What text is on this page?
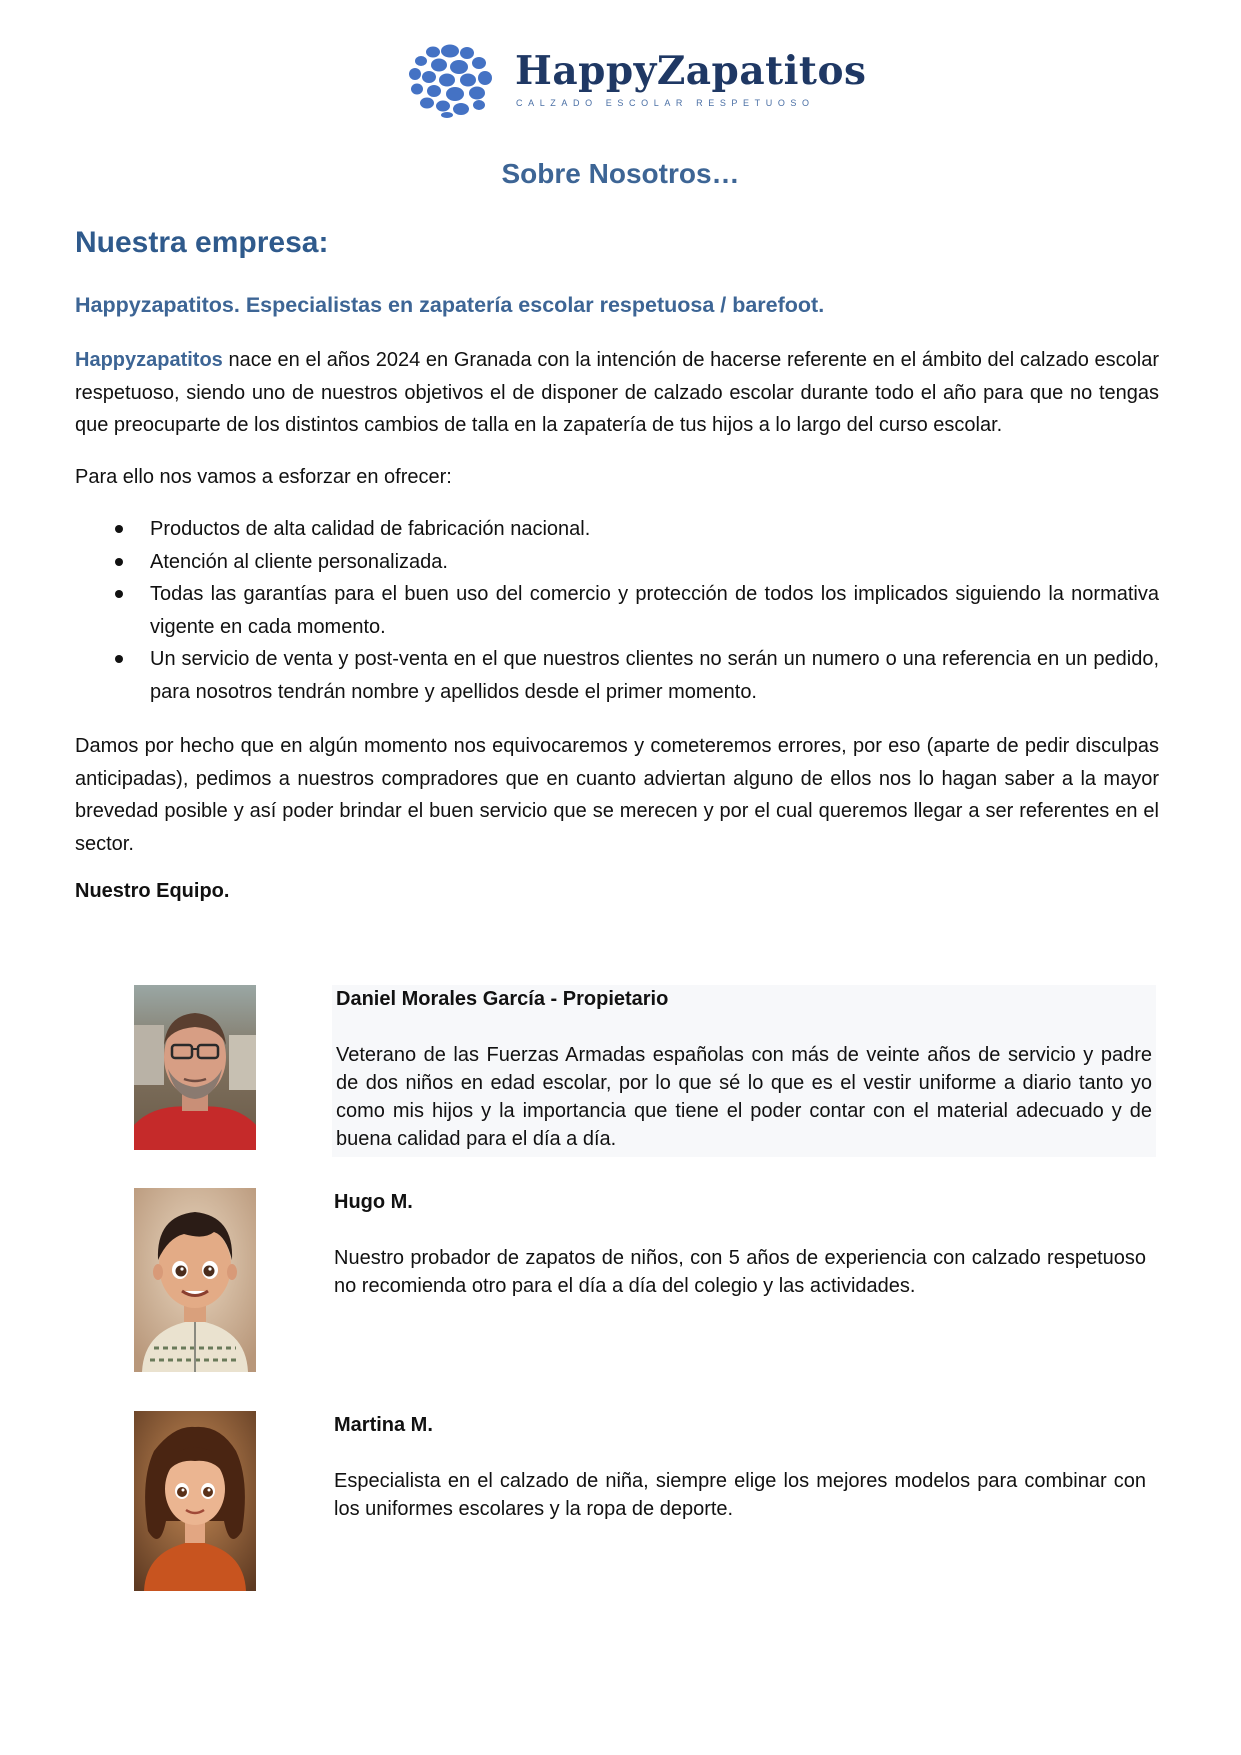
HappyZapatitos
CALZADO ESCOLAR RESPETUOSO
Sobre Nosotros…
Nuestra empresa:
Happyzapatitos. Especialistas en zapatería escolar respetuosa / barefoot.

Happyzapatitos nace en el años 2024 en Granada con la intención de hacerse referente en el ámbito del calzado escolar respetuoso, siendo uno de nuestros objetivos el de disponer de calzado escolar durante todo el año para que no tengas que preocuparte de los distintos cambios de talla en la zapatería de tus hijos a lo largo del curso escolar.

Para ello nos vamos a esforzar en ofrecer:

Productos de alta calidad de fabricación nacional.
Atención al cliente personalizada.
Todas las garantías para el buen uso del comercio y protección de todos los implicados siguiendo la normativa vigente en cada momento.
Un servicio de venta y post-venta en el que nuestros clientes no serán un numero o una referencia en un pedido, para nosotros tendrán nombre y apellidos desde el primer momento.

Damos por hecho que en algún momento nos equivocaremos y cometeremos errores, por eso (aparte de pedir disculpas anticipadas), pedimos a nuestros compradores que en cuanto adviertan alguno de ellos nos lo hagan saber a la mayor brevedad posible y así poder brindar el buen servicio que se merecen y por el cual queremos llegar a ser referentes en el sector.

Nuestro Equipo.
Daniel Morales García - Propietario
Veterano de las Fuerzas Armadas españolas con más de veinte años de servicio y padre de dos niños en edad escolar, por lo que sé lo que es el vestir uniforme a diario tanto yo como mis hijos y la importancia que tiene el poder contar con el material adecuado y de buena calidad para el día a día.
Hugo M.
Nuestro probador de zapatos de niños, con 5 años de experiencia con calzado respetuoso no recomienda otro para el día a día del colegio y las actividades.
Martina M.
Especialista en el calzado de niña, siempre elige los mejores modelos para combinar con los uniformes escolares y la ropa de deporte.
